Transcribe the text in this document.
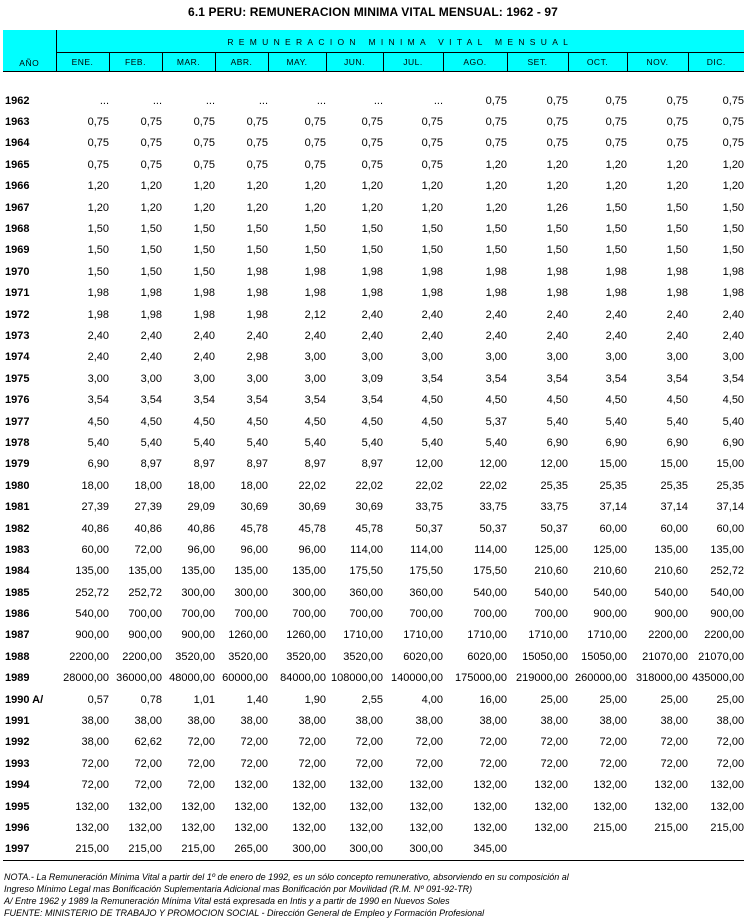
6.1 PERU: REMUNERACION MINIMA VITAL MENSUAL: 1962 - 97
AÑO	REMUNERACION MINIMA VITAL MENSUAL											
	ENE.	FEB.	MAR.	ABR.	MAY.	JUN.	JUL.	AGO.	SET.	OCT.	NOV.	DIC.

1962	...	...	...	...	...	...	...	0,75	0,75	0,75	0,75	0,75
1963	0,75	0,75	0,75	0,75	0,75	0,75	0,75	0,75	0,75	0,75	0,75	0,75
1964	0,75	0,75	0,75	0,75	0,75	0,75	0,75	0,75	0,75	0,75	0,75	0,75
1965	0,75	0,75	0,75	0,75	0,75	0,75	0,75	1,20	1,20	1,20	1,20	1,20
1966	1,20	1,20	1,20	1,20	1,20	1,20	1,20	1,20	1,20	1,20	1,20	1,20
1967	1,20	1,20	1,20	1,20	1,20	1,20	1,20	1,20	1,26	1,50	1,50	1,50
1968	1,50	1,50	1,50	1,50	1,50	1,50	1,50	1,50	1,50	1,50	1,50	1,50
1969	1,50	1,50	1,50	1,50	1,50	1,50	1,50	1,50	1,50	1,50	1,50	1,50
1970	1,50	1,50	1,50	1,98	1,98	1,98	1,98	1,98	1,98	1,98	1,98	1,98
1971	1,98	1,98	1,98	1,98	1,98	1,98	1,98	1,98	1,98	1,98	1,98	1,98
1972	1,98	1,98	1,98	1,98	2,12	2,40	2,40	2,40	2,40	2,40	2,40	2,40
1973	2,40	2,40	2,40	2,40	2,40	2,40	2,40	2,40	2,40	2,40	2,40	2,40
1974	2,40	2,40	2,40	2,98	3,00	3,00	3,00	3,00	3,00	3,00	3,00	3,00
1975	3,00	3,00	3,00	3,00	3,00	3,09	3,54	3,54	3,54	3,54	3,54	3,54
1976	3,54	3,54	3,54	3,54	3,54	3,54	4,50	4,50	4,50	4,50	4,50	4,50
1977	4,50	4,50	4,50	4,50	4,50	4,50	4,50	5,37	5,40	5,40	5,40	5,40
1978	5,40	5,40	5,40	5,40	5,40	5,40	5,40	5,40	6,90	6,90	6,90	6,90
1979	6,90	8,97	8,97	8,97	8,97	8,97	12,00	12,00	12,00	15,00	15,00	15,00
1980	18,00	18,00	18,00	18,00	22,02	22,02	22,02	22,02	25,35	25,35	25,35	25,35
1981	27,39	27,39	29,09	30,69	30,69	30,69	33,75	33,75	33,75	37,14	37,14	37,14
1982	40,86	40,86	40,86	45,78	45,78	45,78	50,37	50,37	50,37	60,00	60,00	60,00
1983	60,00	72,00	96,00	96,00	96,00	114,00	114,00	114,00	125,00	125,00	135,00	135,00
1984	135,00	135,00	135,00	135,00	135,00	175,50	175,50	175,50	210,60	210,60	210,60	252,72
1985	252,72	252,72	300,00	300,00	300,00	360,00	360,00	540,00	540,00	540,00	540,00	540,00
1986	540,00	700,00	700,00	700,00	700,00	700,00	700,00	700,00	700,00	900,00	900,00	900,00
1987	900,00	900,00	900,00	1260,00	1260,00	1710,00	1710,00	1710,00	1710,00	1710,00	2200,00	2200,00
1988	2200,00	2200,00	3520,00	3520,00	3520,00	3520,00	6020,00	6020,00	15050,00	15050,00	21070,00	21070,00
1989	28000,00	36000,00	48000,00	60000,00	84000,00	108000,00	140000,00	175000,00	219000,00	260000,00	318000,00	435000,00
1990 A/	0,57	0,78	1,01	1,40	1,90	2,55	4,00	16,00	25,00	25,00	25,00	25,00
1991	38,00	38,00	38,00	38,00	38,00	38,00	38,00	38,00	38,00	38,00	38,00	38,00
1992	38,00	62,62	72,00	72,00	72,00	72,00	72,00	72,00	72,00	72,00	72,00	72,00
1993	72,00	72,00	72,00	72,00	72,00	72,00	72,00	72,00	72,00	72,00	72,00	72,00
1994	72,00	72,00	72,00	132,00	132,00	132,00	132,00	132,00	132,00	132,00	132,00	132,00
1995	132,00	132,00	132,00	132,00	132,00	132,00	132,00	132,00	132,00	132,00	132,00	132,00
1996	132,00	132,00	132,00	132,00	132,00	132,00	132,00	132,00	132,00	215,00	215,00	215,00
1997	215,00	215,00	215,00	265,00	300,00	300,00	300,00	345,00				

NOTA.- La Remuneración Mínima Vital a partir del 1º de enero de 1992, es un sólo concepto remunerativo, absorviendo en su composición al
Ingreso Mínimo Legal mas Bonificación Suplementaria Adicional mas Bonificación por Movilidad (R.M. Nº 091-92-TR)
A/ Entre 1962 y 1989 la Remuneración Mínima Vital está expresada en Intis y a partir de 1990 en Nuevos Soles
FUENTE: MINISTERIO DE TRABAJO Y PROMOCION SOCIAL - Dirección General de Empleo y Formación Profesional
